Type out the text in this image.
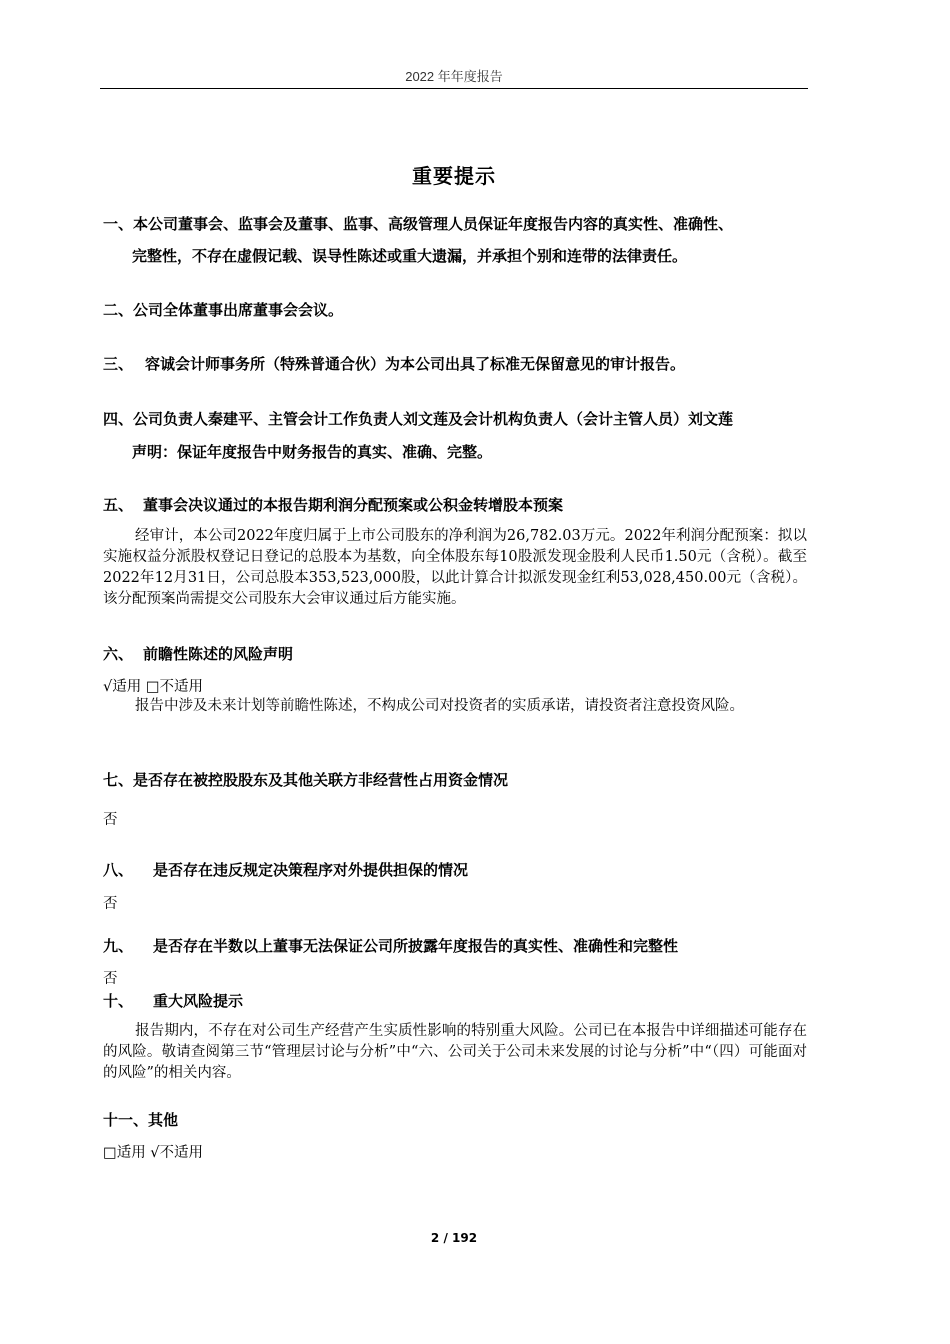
2022 年年度报告
重要提示
一、本公司董事会、监事会及董事、监事、高级管理人员保证年度报告内容的真实性、准确性、
完整性，不存在虚假记载、误导性陈述或重大遗漏，并承担个别和连带的法律责任。
二、公司全体董事出席董事会会议。
三、 容诚会计师事务所（特殊普通合伙）为本公司出具了标准无保留意见的审计报告。
四、公司负责人秦建平、主管会计工作负责人刘文莲及会计机构负责人（会计主管人员）刘文莲
声明：保证年度报告中财务报告的真实、准确、完整。
五、 董事会决议通过的本报告期利润分配预案或公积金转增股本预案
经审计，本公司2022年度归属于上市公司股东的净利润为26,782.03万元。2022年利润分配预案：拟以实施权益分派股权登记日登记的总股本为基数，向全体股东每10股派发现金股利人民币1.50元（含税）。截至2022年12月31日，公司总股本353,523,000股，以此计算合计拟派发现金红利53,028,450.00元（含税）。该分配预案尚需提交公司股东大会审议通过后方能实施。
六、 前瞻性陈述的风险声明
√适用 □不适用
报告中涉及未来计划等前瞻性陈述，不构成公司对投资者的实质承诺，请投资者注意投资风险。
七、是否存在被控股股东及其他关联方非经营性占用资金情况
否
八、 是否存在违反规定决策程序对外提供担保的情况
否
九、 是否存在半数以上董事无法保证公司所披露年度报告的真实性、准确性和完整性
否
十、 重大风险提示
报告期内，不存在对公司生产经营产生实质性影响的特别重大风险。公司已在本报告中详细描述可能存在的风险。敬请查阅第三节“管理层讨论与分析”中“六、公司关于公司未来发展的讨论与分析”中“（四）可能面对的风险”的相关内容。
十一、其他
□适用 √不适用
2 / 192
